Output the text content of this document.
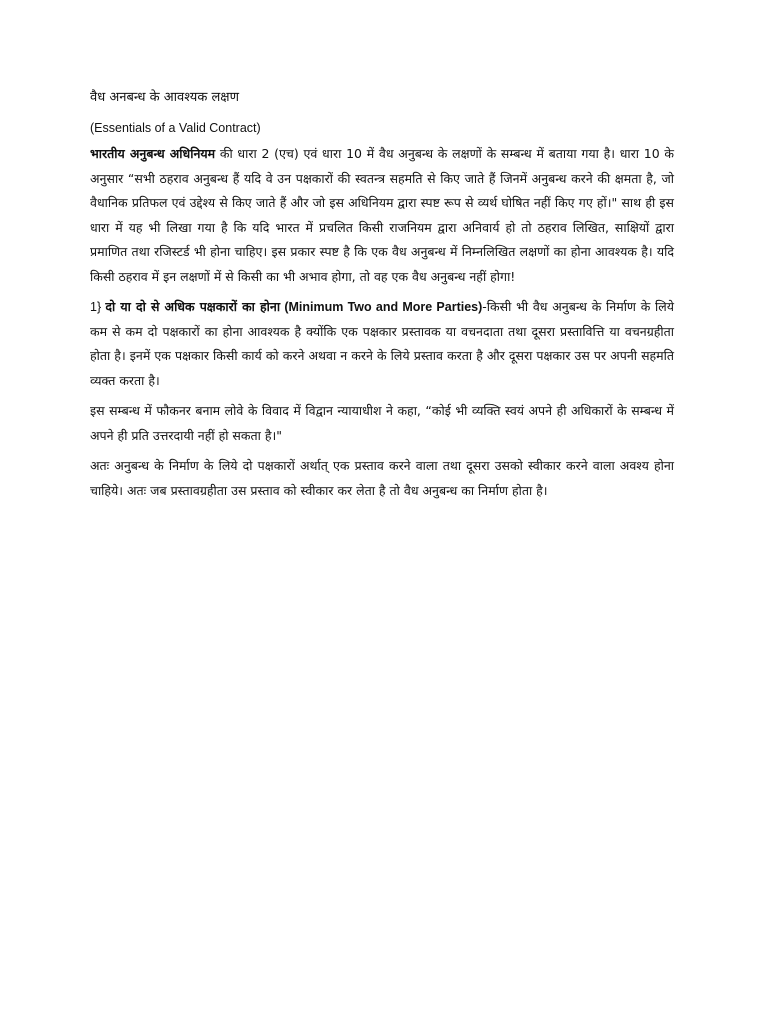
वैध अनबन्ध के आवश्यक लक्षण
(Essentials of a Valid Contract)

भारतीय अनुबन्ध अधिनियम की धारा 2 (एच) एवं धारा 10 में वैध अनुबन्ध के लक्षणों के सम्बन्ध में बताया गया है। धारा 10 के अनुसार “सभी ठहराव अनुबन्ध हैं यदि वे उन पक्षकारों की स्वतन्त्र सहमति से किए जाते हैं जिनमें अनुबन्ध करने की क्षमता है, जो वैधानिक प्रतिफल एवं उद्देश्य से किए जाते हैं और जो इस अधिनियम द्वारा स्पष्ट रूप से व्यर्थ घोषित नहीं किए गए हों।" साथ ही इस धारा में यह भी लिखा गया है कि यदि भारत में प्रचलित किसी राजनियम द्वारा अनिवार्य हो तो ठहराव लिखित, साक्षियों द्वारा प्रमाणित तथा रजिस्टर्ड भी होना चाहिए। इस प्रकार स्पष्ट है कि एक वैध अनुबन्ध में निम्नलिखित लक्षणों का होना आवश्यक है। यदि किसी ठहराव में इन लक्षणों में से किसी का भी अभाव होगा, तो वह एक वैध अनुबन्ध नहीं होगा!

1} दो या दो से अधिक पक्षकारों का होना (Minimum Two and More Parties)-किसी भी वैध अनुबन्ध के निर्माण के लिये कम से कम दो पक्षकारों का होना आवश्यक है क्योंकि एक पक्षकार प्रस्तावक या वचनदाता तथा दूसरा प्रस्तावित्ति या वचनग्रहीता होता है। इनमें एक पक्षकार किसी कार्य को करने अथवा न करने के लिये प्रस्ताव करता है और दूसरा पक्षकार उस पर अपनी सहमति व्यक्त करता है।

इस सम्बन्ध में फौकनर बनाम लोवे के विवाद में विद्वान न्यायाधीश ने कहा, “कोई भी व्यक्ति स्वयं अपने ही अधिकारों के सम्बन्ध में अपने ही प्रति उत्तरदायी नहीं हो सकता है।"

अतः अनुबन्ध के निर्माण के लिये दो पक्षकारों अर्थात् एक प्रस्ताव करने वाला तथा दूसरा उसको स्वीकार करने वाला अवश्य होना चाहिये। अतः जब प्रस्तावग्रहीता उस प्रस्ताव को स्वीकार कर लेता है तो वैध अनुबन्ध का निर्माण होता है।
